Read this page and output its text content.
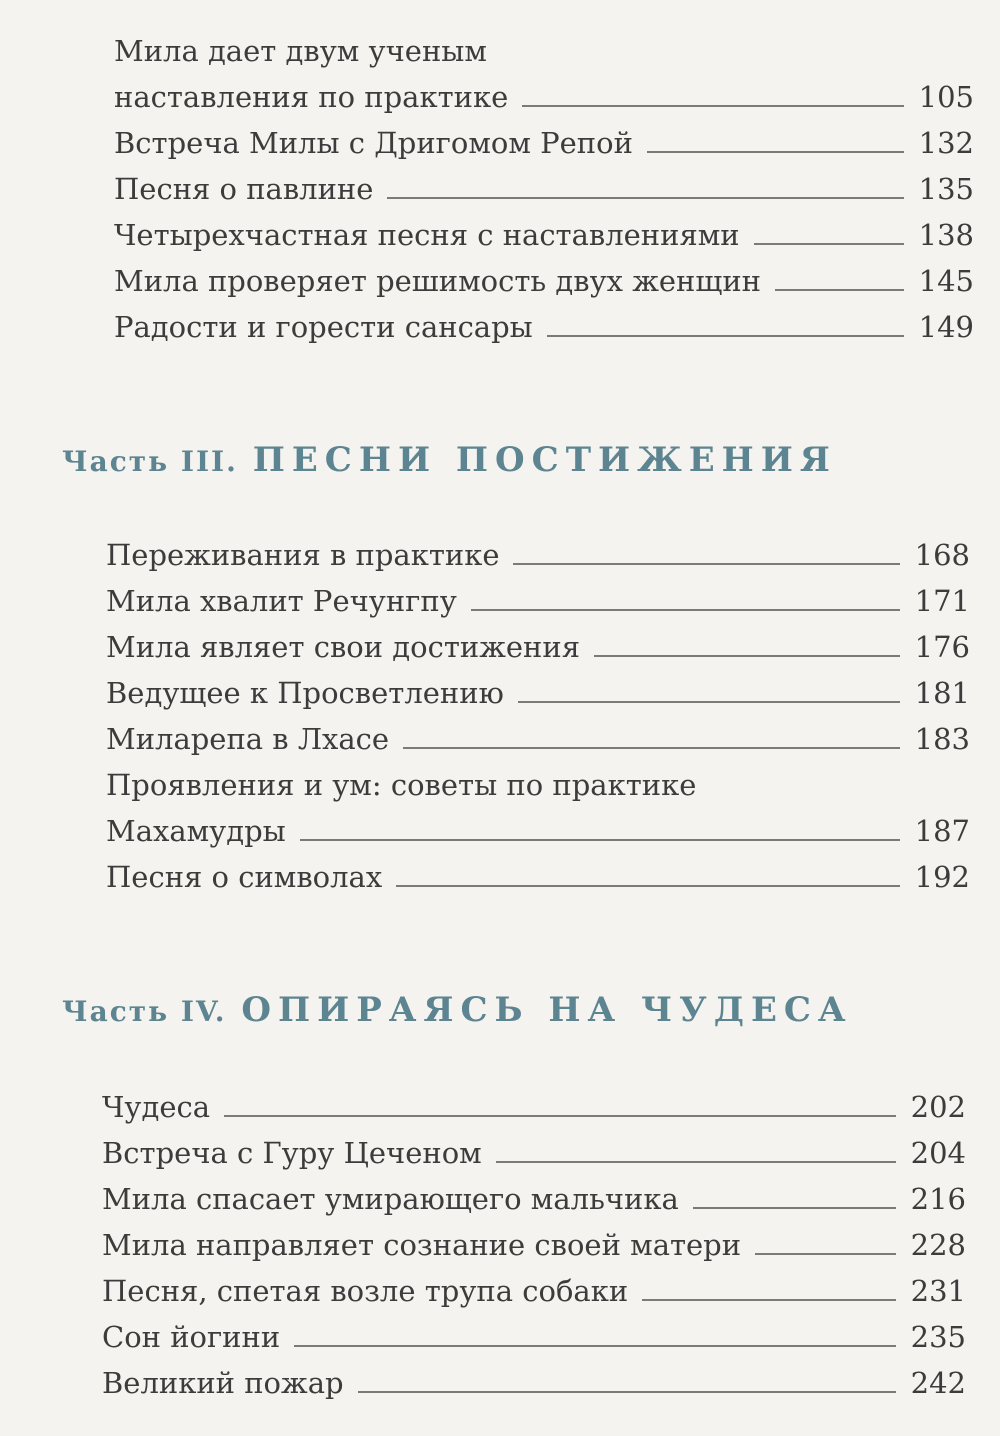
Мила дает двум ученым
наставления по практике	105
Встреча Милы с Дригомом Репой	132
Песня о павлине	135
Четырехчастная песня с наставлениями	138
Мила проверяет решимость двух женщин	145
Радости и горести сансары	149
Часть III. ПЕСНИ ПОСТИЖЕНИЯ
Переживания в практике	168
Мила хвалит Речунгпу	171
Мила являет свои достижения	176
Ведущее к Просветлению	181
Миларепа в Лхасе	183
Проявления и ум: советы по практике
Махамудры	187
Песня о символах	192
Часть IV. ОПИРАЯСЬ НА ЧУДЕСА
Чудеса	202
Встреча с Гуру Цеченом	204
Мила спасает умирающего мальчика	216
Мила направляет сознание своей матери	228
Песня, спетая возле трупа собаки	231
Сон йогини	235
Великий пожар	242
